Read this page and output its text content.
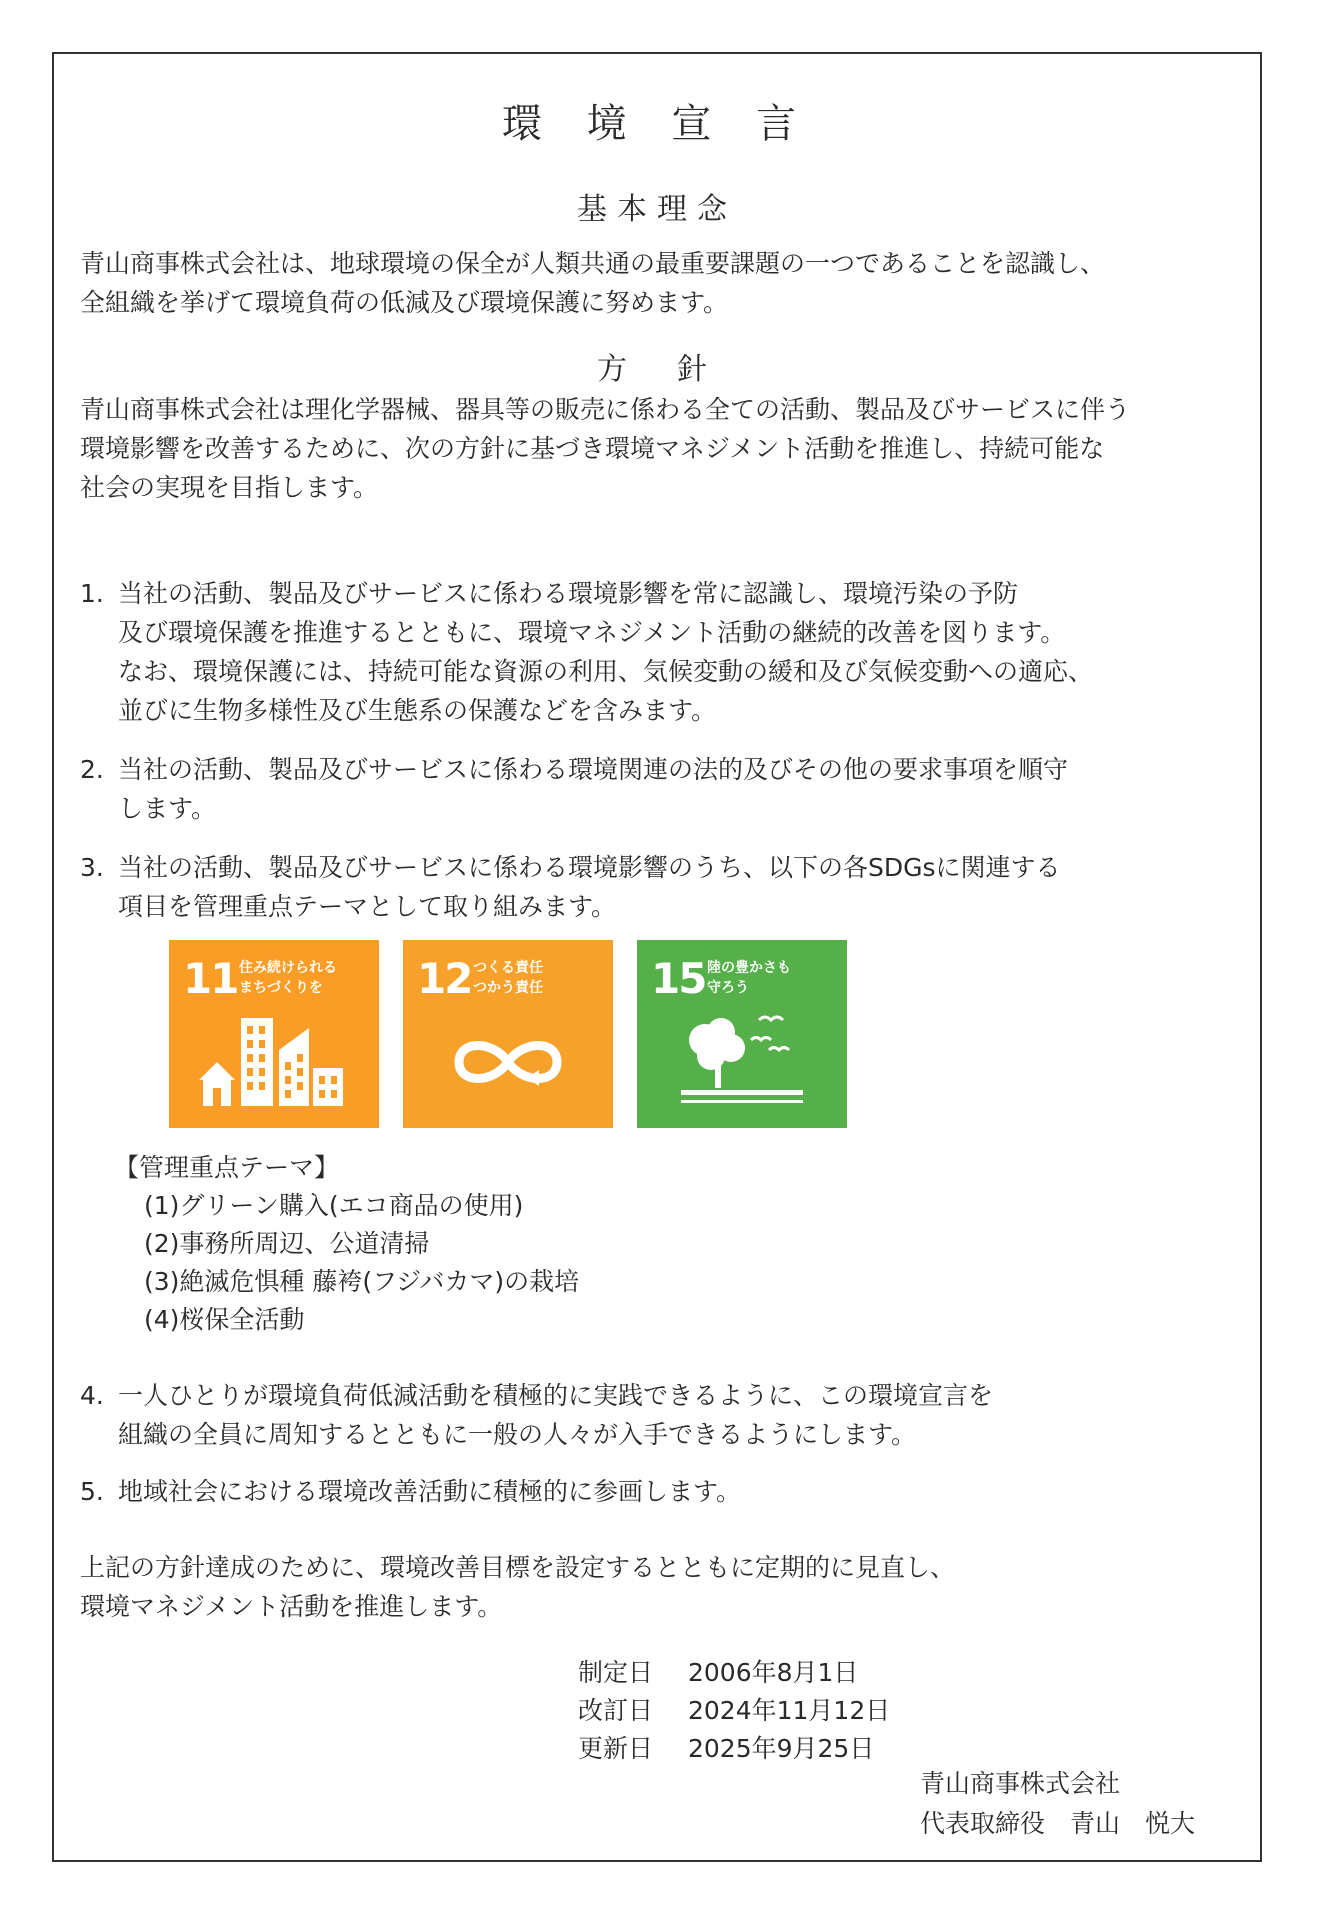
環 境 宣 言
基本理念
青山商事株式会社は、地球環境の保全が人類共通の最重要課題の一つであることを認識し、
全組織を挙げて環境負荷の低減及び環境保護に努めます。
方　針
青山商事株式会社は理化学器械、器具等の販売に係わる全ての活動、製品及びサービスに伴う
環境影響を改善するために、次の方針に基づき環境マネジメント活動を推進し、持続可能な
社会の実現を目指します。
1. 当社の活動、製品及びサービスに係わる環境影響を常に認識し、環境汚染の予防
及び環境保護を推進するとともに、環境マネジメント活動の継続的改善を図ります。
なお、環境保護には、持続可能な資源の利用、気候変動の緩和及び気候変動への適応、
並びに生物多様性及び生態系の保護などを含みます。
2. 当社の活動、製品及びサービスに係わる環境関連の法的及びその他の要求事項を順守
します。
3. 当社の活動、製品及びサービスに係わる環境影響のうち、以下の各SDGsに関連する
項目を管理重点テーマとして取り組みます。
11 住み続けられる
まちづくりを	12 つくる責任
つかう責任	15 陸の豊かさも
守ろう
【管理重点テーマ】
(1)グリーン購入(エコ商品の使用)
(2)事務所周辺、公道清掃
(3)絶滅危惧種 藤袴(フジバカマ)の栽培
(4)桜保全活動
4. 一人ひとりが環境負荷低減活動を積極的に実践できるように、この環境宣言を
組織の全員に周知するとともに一般の人々が入手できるようにします。
5. 地域社会における環境改善活動に積極的に参画します。
上記の方針達成のために、環境改善目標を設定するとともに定期的に見直し、
環境マネジメント活動を推進します。
制定日 2006年8月1日
改訂日 2024年11月12日
更新日 2025年9月25日
青山商事株式会社
代表取締役　青山　悦大
